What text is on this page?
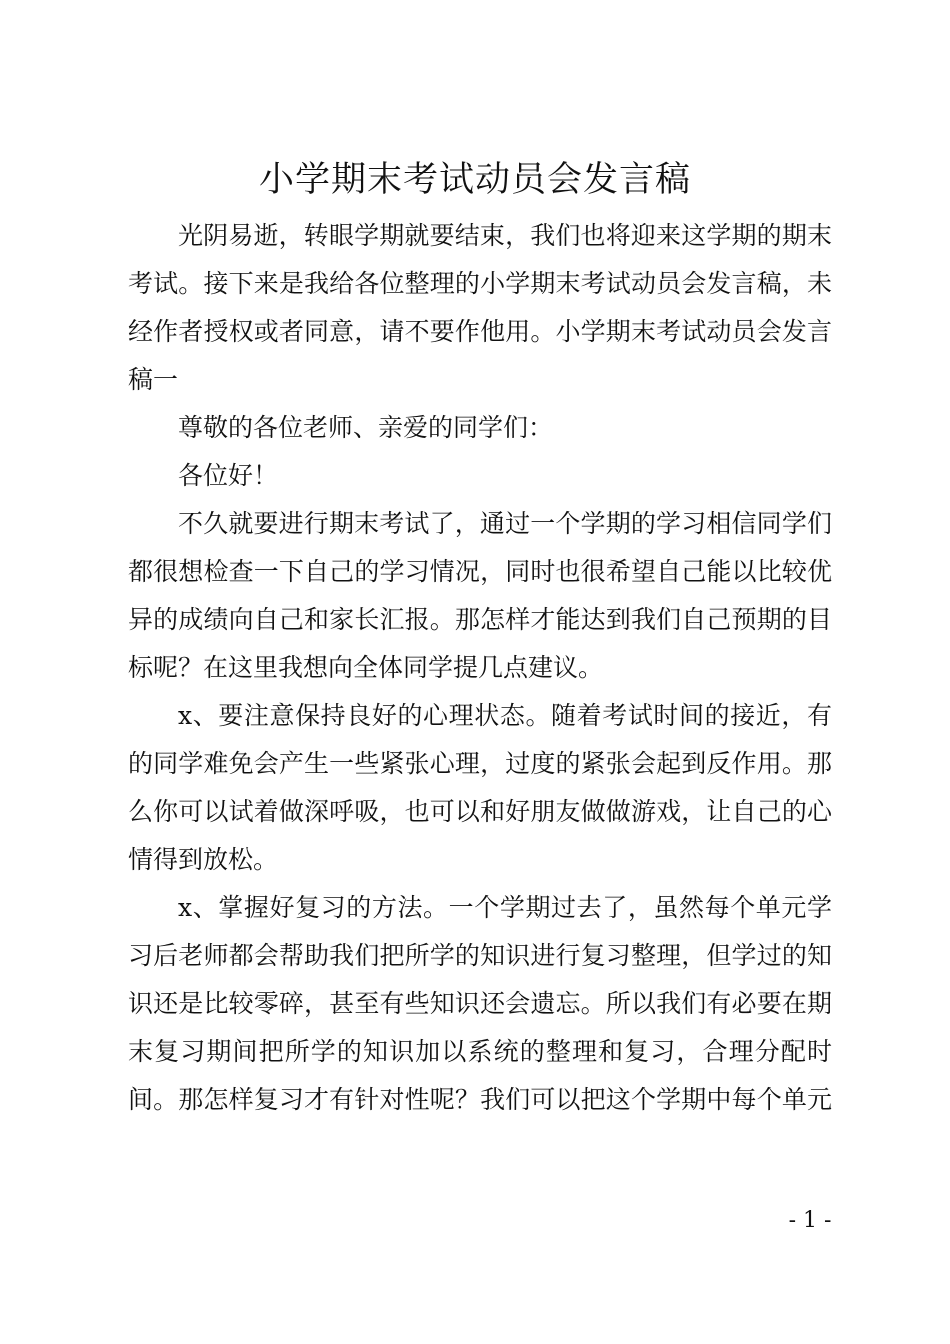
小学期末考试动员会发言稿
光阴易逝，转眼学期就要结束，我们也将迎来这学期的期末
考试。接下来是我给各位整理的小学期末考试动员会发言稿，未
经作者授权或者同意，请不要作他用。小学期末考试动员会发言
稿一
尊敬的各位老师、亲爱的同学们：
各位好！
不久就要进行期末考试了，通过一个学期的学习相信同学们
都很想检查一下自己的学习情况，同时也很希望自己能以比较优
异的成绩向自己和家长汇报。那怎样才能达到我们自己预期的目
标呢？在这里我想向全体同学提几点建议。
x、要注意保持良好的心理状态。随着考试时间的接近，有
的同学难免会产生一些紧张心理，过度的紧张会起到反作用。那
么你可以试着做深呼吸，也可以和好朋友做做游戏，让自己的心
情得到放松。
x、掌握好复习的方法。一个学期过去了，虽然每个单元学
习后老师都会帮助我们把所学的知识进行复习整理，但学过的知
识还是比较零碎，甚至有些知识还会遗忘。所以我们有必要在期
末复习期间把所学的知识加以系统的整理和复习，合理分配时
间。那怎样复习才有针对性呢？我们可以把这个学期中每个单元
- 1 -
